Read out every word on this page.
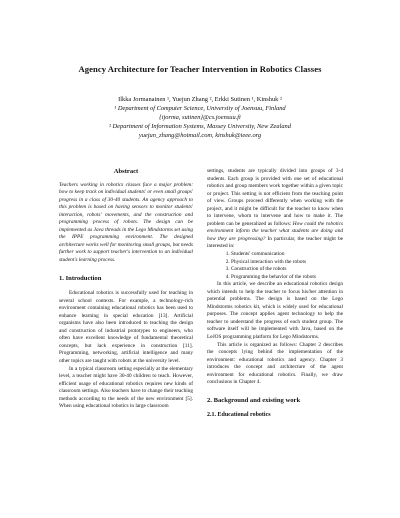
Agency Architecture for Teacher Intervention in Robotics Classes
Ilkka Jormanainen ¹, Yuejun Zhang ², Erkki Sutinen ¹, Kinshuk ²
¹ Department of Computer Science, University of Joensuu, Finland
{ijorma, sutinen}@cs.joensuu.fi
² Department of Information Systems, Massey University, New Zealand
yuejun_zhang@hotmail.com, kinshuk@ieee.org
Abstract

Teachers working in robotics classes face a major problem: how to keep track on individual students' or even small groups' progress in a class of 30-40 students. An agency approach to this problem is based on having sensors to monitor students' interaction, robots' movements, and the construction and programming process of robots. The design can be implemented as Java threads in the Lego Mindstorms set using the IPPE programming environment. The designed architecture works well for monitoring small groups, but needs further work to support teacher's intervention to an individual student's learning process.

1. Introduction

Educational robotics is successfully used for teaching in several school contexts. For example, a technology-rich environment containing educational robotics has been used to enhance learning in special education [13]. Artificial organisms have also been introduced to teaching the design and construction of industrial prototypes to engineers, who often have excellent knowledge of fundamental theoretical concepts, but lack experience in construction [11]. Programming, networking, artificial intelligence and many other topics are taught with robots at the university level.

In a typical classroom setting especially at the elementary level, a teacher might have 30-40 children to teach. However, efficient usage of educational robotics requires new kinds of classroom settings. Also teachers have to change their teaching methods according to the needs of the new environment [5]. When using educational robotics in large classroom

settings, students are typically divided into groups of 3-4 students. Each group is provided with one set of educational robotics and group members work together within a given topic or project. This setting is not efficient from the teaching point of view. Groups proceed differently when working with the project, and it might be difficult for the teacher to know when to intervene, whom to intervene and how to make it. The problem can be generalized as follows: How could the robotics environment inform the teacher what students are doing and how they are progressing? In particular, the teacher might be interested in:

1. Students' communication
2. Physical interaction with the robots
3. Construction of the robots
4. Programming the behavior of the robots

In this article, we describe an educational robotics design which intends to help the teacher to focus his/her attention in potential problems. The design is based on the Lego Mindstorms robotics kit, which is widely used for educational purposes. The concept applies agent technology to help the teacher to understand the progress of each student group. The software itself will be implemented with Java, based on the LeJOS programming platform for Lego Mindstorms.

This article is organized as follows: Chapter 2 describes the concepts lying behind the implementation of the environment: educational robotics and agency. Chapter 3 introduces the concept and architecture of the agent environment for educational robotics. Finally, we draw conclusions in Chapter 4.

2. Background and existing work
2.1. Educational robotics
